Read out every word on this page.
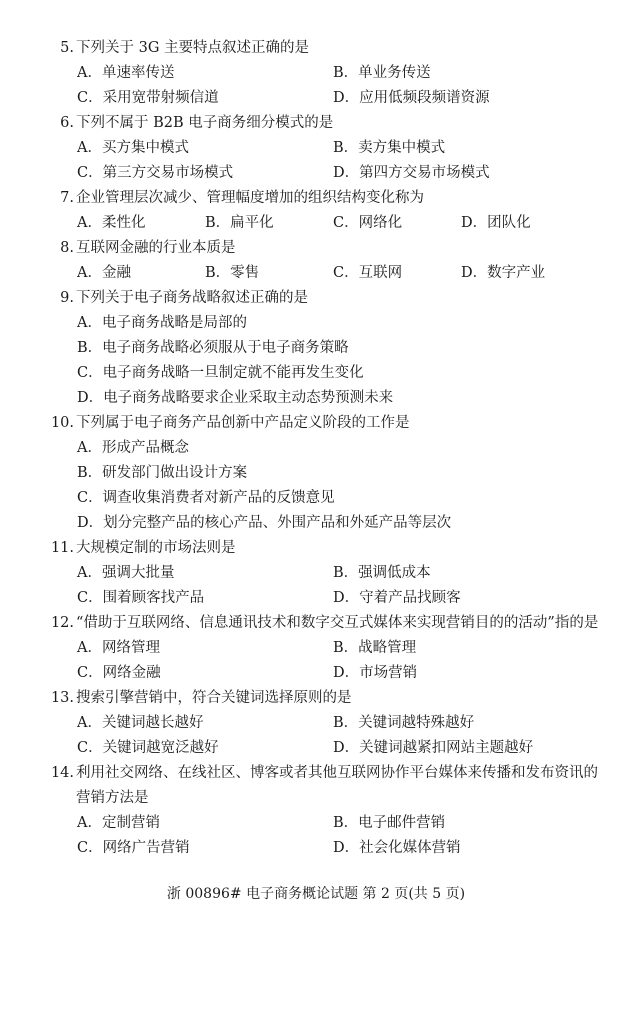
5. 下列关于 3G 主要特点叙述正确的是
A．单速率传送	B．单业务传送
C．采用宽带射频信道	D．应用低频段频谱资源
6. 下列不属于 B2B 电子商务细分模式的是
A．买方集中模式	B．卖方集中模式
C．第三方交易市场模式	D．第四方交易市场模式
7. 企业管理层次减少、管理幅度增加的组织结构变化称为
A．柔性化	B．扁平化	C．网络化	D．团队化
8. 互联网金融的行业本质是
A．金融	B．零售	C．互联网	D．数字产业
9. 下列关于电子商务战略叙述正确的是
A．电子商务战略是局部的
B．电子商务战略必须服从于电子商务策略
C．电子商务战略一旦制定就不能再发生变化
D．电子商务战略要求企业采取主动态势预测未来
10. 下列属于电子商务产品创新中产品定义阶段的工作是
A．形成产品概念
B．研发部门做出设计方案
C．调查收集消费者对新产品的反馈意见
D．划分完整产品的核心产品、外围产品和外延产品等层次
11. 大规模定制的市场法则是
A．强调大批量	B．强调低成本
C．围着顾客找产品	D．守着产品找顾客
12. “借助于互联网络、信息通讯技术和数字交互式媒体来实现营销目的的活动”指的是
A．网络管理	B．战略管理
C．网络金融	D．市场营销
13. 搜索引擎营销中，符合关键词选择原则的是
A．关键词越长越好	B．关键词越特殊越好
C．关键词越宽泛越好	D．关键词越紧扣网站主题越好
14. 利用社交网络、在线社区、博客或者其他互联网协作平台媒体来传播和发布资讯的
营销方法是
A．定制营销	B．电子邮件营销
C．网络广告营销	D．社会化媒体营销
浙 00896# 电子商务概论试题 第 2 页(共 5 页)
